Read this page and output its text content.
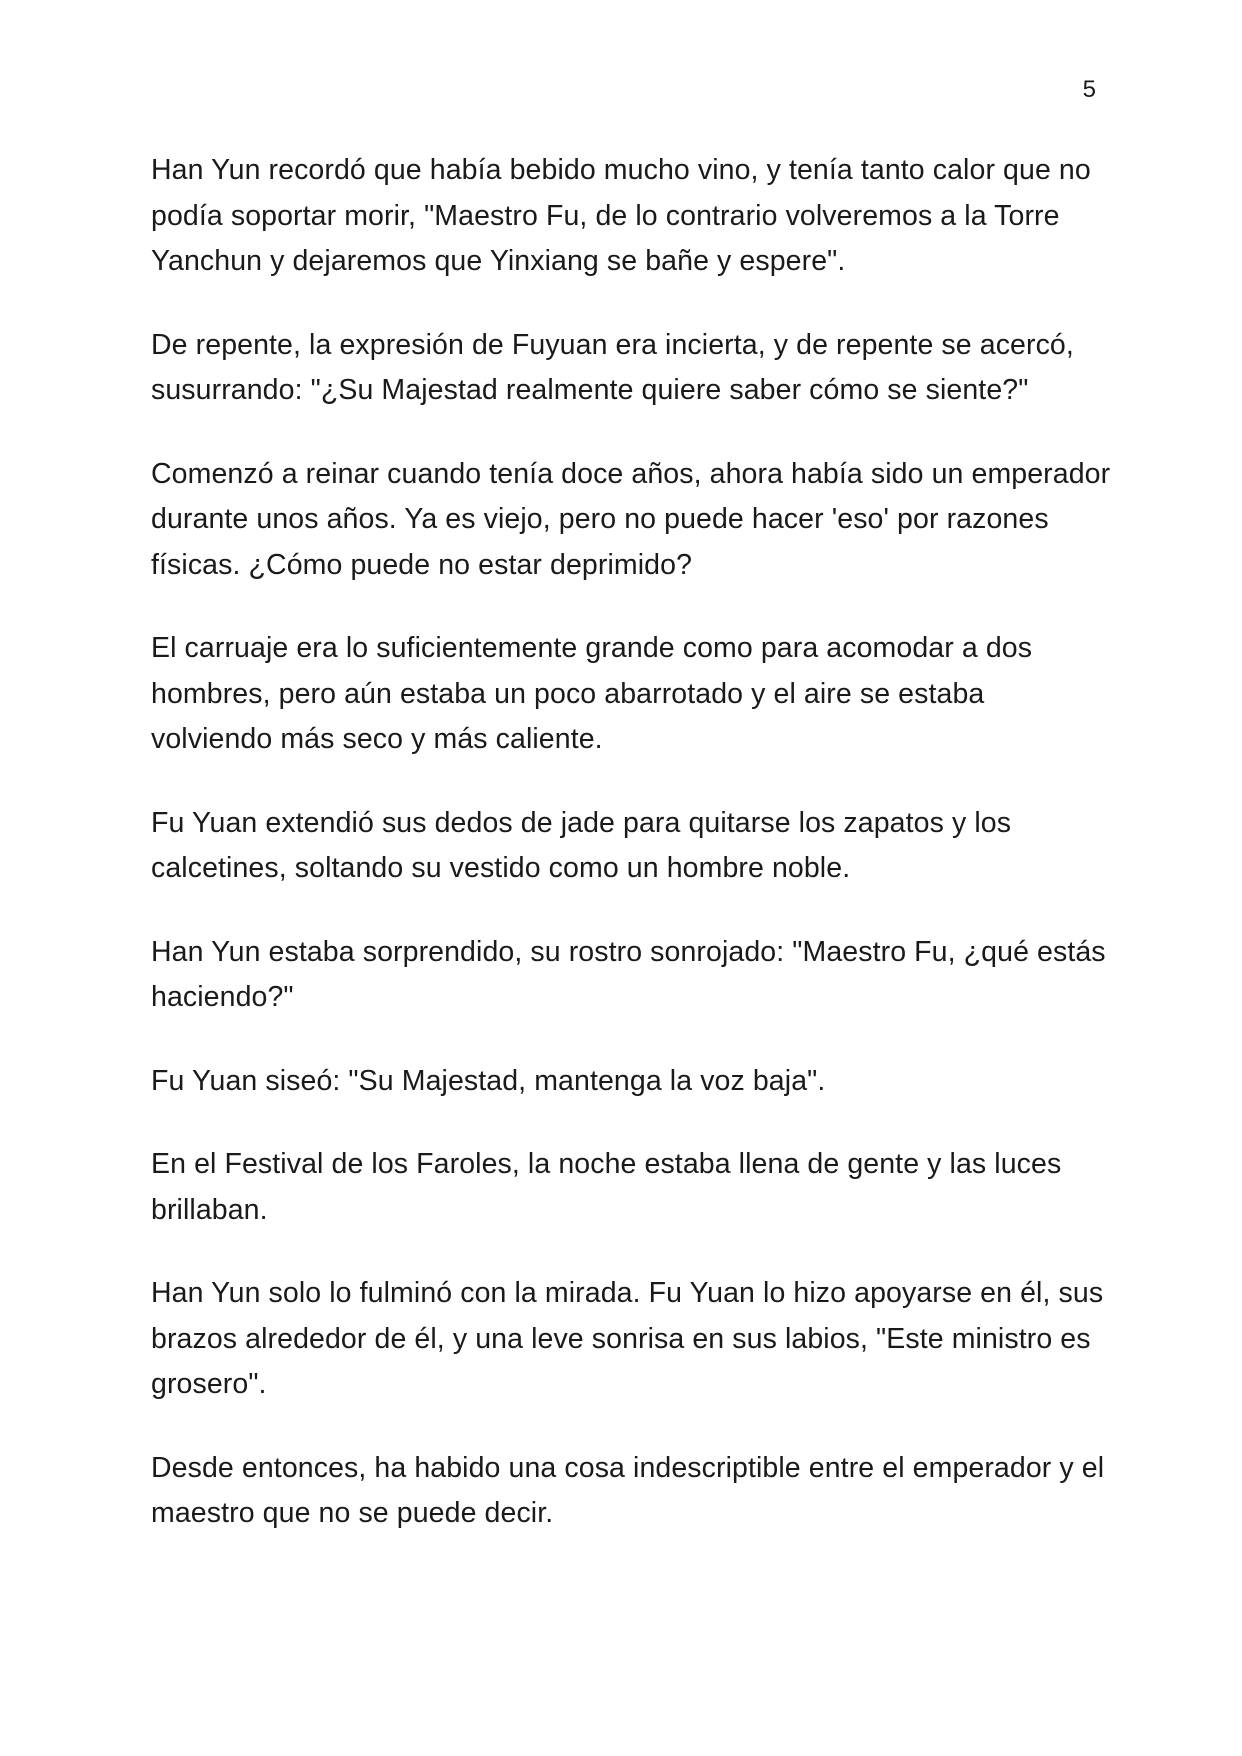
5

Han Yun recordó que había bebido mucho vino, y tenía tanto calor que no
podía soportar morir, "Maestro Fu, de lo contrario volveremos a la Torre
Yanchun y dejaremos que Yinxiang se bañe y espere".

De repente, la expresión de Fuyuan era incierta, y de repente se acercó,
susurrando: "¿Su Majestad realmente quiere saber cómo se siente?"

Comenzó a reinar cuando tenía doce años, ahora había sido un emperador
durante unos años. Ya es viejo, pero no puede hacer 'eso' por razones
físicas. ¿Cómo puede no estar deprimido?

El carruaje era lo suficientemente grande como para acomodar a dos
hombres, pero aún estaba un poco abarrotado y el aire se estaba
volviendo más seco y más caliente.

Fu Yuan extendió sus dedos de jade para quitarse los zapatos y los
calcetines, soltando su vestido como un hombre noble.

Han Yun estaba sorprendido, su rostro sonrojado: "Maestro Fu, ¿qué estás
haciendo?"

Fu Yuan siseó: "Su Majestad, mantenga la voz baja".

En el Festival de los Faroles, la noche estaba llena de gente y las luces
brillaban.

Han Yun solo lo fulminó con la mirada. Fu Yuan lo hizo apoyarse en él, sus
brazos alrededor de él, y una leve sonrisa en sus labios, "Este ministro es
grosero".

Desde entonces, ha habido una cosa indescriptible entre el emperador y el
maestro que no se puede decir.
